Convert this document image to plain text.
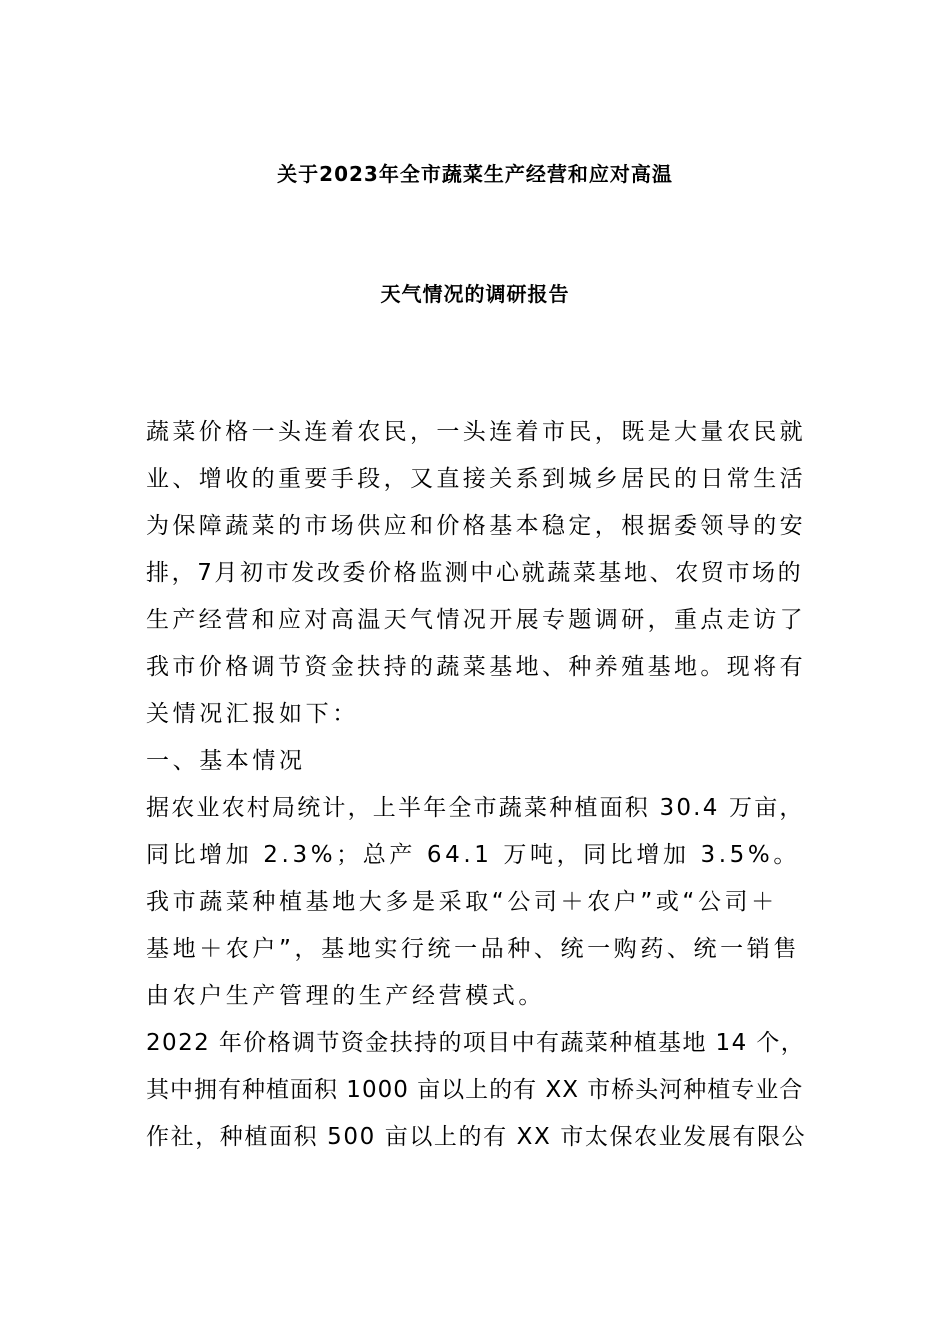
关于2023年全市蔬菜生产经营和应对高温
天气情况的调研报告
蔬菜价格一头连着农民，一头连着市民，既是大量农民就
业、增收的重要手段，又直接关系到城乡居民的日常生活
为保障蔬菜的市场供应和价格基本稳定，根据委领导的安
排，7月初市发改委价格监测中心就蔬菜基地、农贸市场的
生产经营和应对高温天气情况开展专题调研，重点走访了
我市价格调节资金扶持的蔬菜基地、种养殖基地。现将有
关情况汇报如下：
一、基本情况
据农业农村局统计，上半年全市蔬菜种植面积 30.4 万亩，
同比增加 2.3%；总产 64.1 万吨，同比增加 3.5%。
我市蔬菜种植基地大多是采取“公司＋农户”或“公司＋
基地＋农户”，基地实行统一品种、统一购药、统一销售
由农户生产管理的生产经营模式。
2022 年价格调节资金扶持的项目中有蔬菜种植基地 14 个，
其中拥有种植面积 1000 亩以上的有 XX 市桥头河种植专业合
作社，种植面积 500 亩以上的有 XX 市太保农业发展有限公
